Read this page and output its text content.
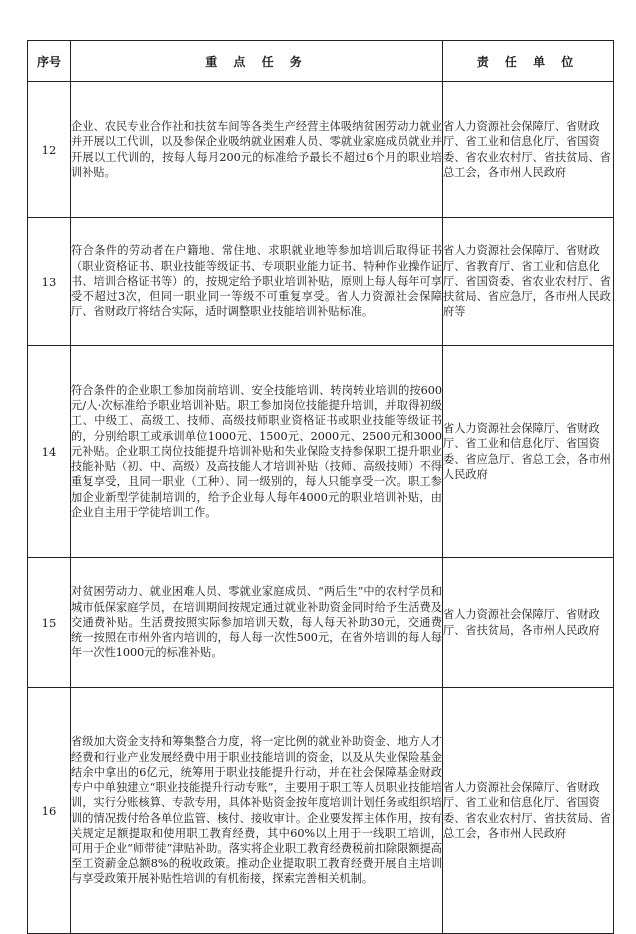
序号	重 点 任 务	责 任 单 位
12	企业、农民专业合作社和扶贫车间等各类生产经营主体吸纳贫困劳动力就业并开展以工代训，以及参保企业吸纳就业困难人员、零就业家庭成员就业并开展以工代训的，按每人每月200元的标准给予最长不超过6个月的职业培训补贴。	省人力资源社会保障厅、省财政厅、省工业和信息化厅、省国资委、省农业农村厅、省扶贫局、省总工会，各市州人民政府
13	符合条件的劳动者在户籍地、常住地、求职就业地等参加培训后取得证书（职业资格证书、职业技能等级证书、专项职业能力证书、特种作业操作证书、培训合格证书等）的，按规定给予职业培训补贴，原则上每人每年可享受不超过3次，但同一职业同一等级不可重复享受。省人力资源社会保障厅、省财政厅将结合实际，适时调整职业技能培训补贴标准。	省人力资源社会保障厅、省财政厅、省教育厅、省工业和信息化厅、省国资委、省农业农村厅、省扶贫局、省应急厅，各市州人民政府等
14	符合条件的企业职工参加岗前培训、安全技能培训、转岗转业培训的按600元/人·次标准给予职业培训补贴。职工参加岗位技能提升培训，并取得初级工、中级工、高级工、技师、高级技师职业资格证书或职业技能等级证书的，分别给职工或承训单位1000元、1500元、2000元、2500元和3000元补贴。企业职工岗位技能提升培训补贴和失业保险支持参保职工提升职业技能补贴（初、中、高级）及高技能人才培训补贴（技师、高级技师）不得重复享受，且同一职业（工种）、同一级别的，每人只能享受一次。职工参加企业新型学徒制培训的，给予企业每人每年4000元的职业培训补贴，由企业自主用于学徒培训工作。	省人力资源社会保障厅、省财政厅、省工业和信息化厅、省国资委、省应急厅、省总工会，各市州人民政府
15	对贫困劳动力、就业困难人员、零就业家庭成员、“两后生”中的农村学员和城市低保家庭学员，在培训期间按规定通过就业补助资金同时给予生活费及交通费补贴。生活费按照实际参加培训天数，每人每天补助30元，交通费统一按照在市州外省内培训的，每人每一次性500元，在省外培训的每人每年一次性1000元的标准补贴。	省人力资源社会保障厅、省财政厅、省扶贫局，各市州人民政府
16	省级加大资金支持和筹集整合力度，将一定比例的就业补助资金、地方人才经费和行业产业发展经费中用于职业技能培训的资金，以及从失业保险基金结余中拿出的6亿元，统筹用于职业技能提升行动，并在社会保障基金财政专户中单独建立“职业技能提升行动专账”，主要用于职工等人员职业技能培训，实行分账核算、专款专用，具体补贴资金按年度培训计划任务或组织培训的情况拨付给各单位监管、核付、接收审计。企业要发挥主体作用，按有关规定足额提取和使用职工教育经费，其中60%以上用于一线职工培训，可用于企业“师带徒”津贴补助。落实将企业职工教育经费税前扣除限额提高至工资薪金总额8%的税收政策。推动企业提取职工教育经费开展自主培训与享受政策开展补贴性培训的有机衔接，探索完善相关机制。	省人力资源社会保障厅、省财政厅、省工业和信息化厅、省国资委、省农业农村厅、省扶贫局、省总工会，各市州人民政府
